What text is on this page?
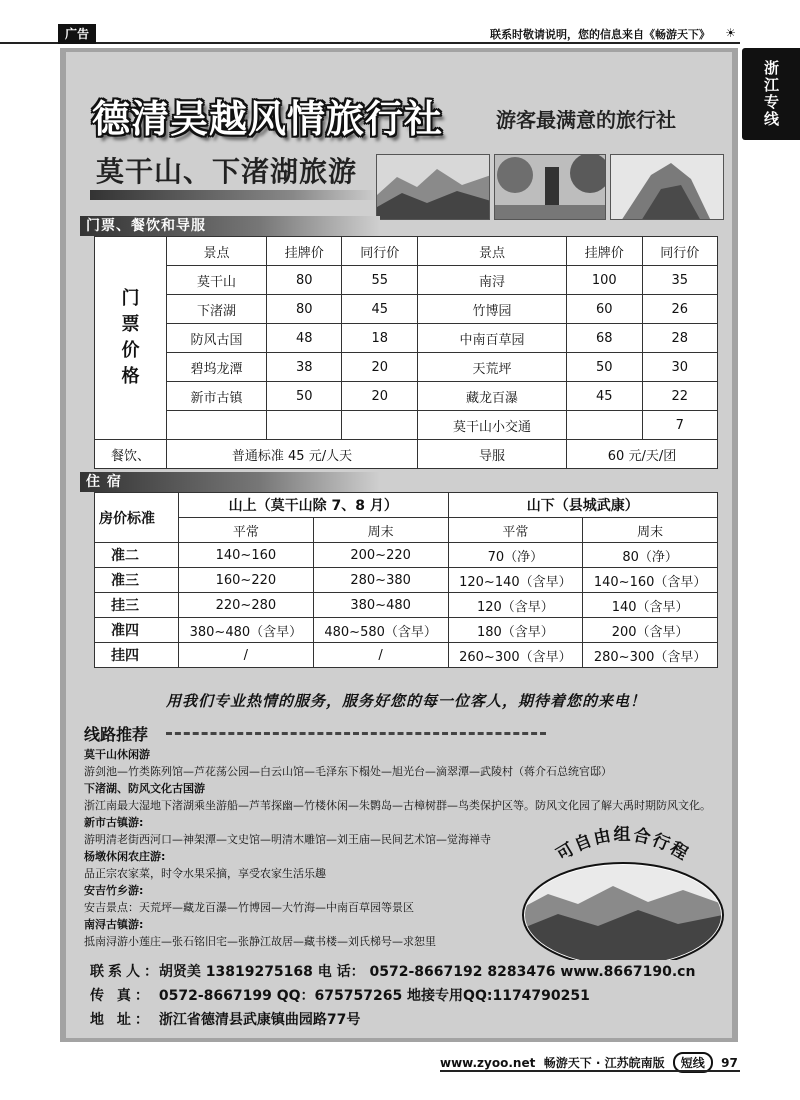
广告	联系时敬请说明，您的信息来自《畅游天下》 ☀
浙江专线
德清吴越风情旅行社	游客最满意的旅行社
莫干山、下渚湖旅游
门票、餐饮和导服
门
票
价
格	景点	挂牌价	同行价	景点	挂牌价	同行价
	莫干山	80	55	南浔	100	35
	下渚湖	80	45	竹博园	60	26
	防风古国	48	18	中南百草园	68	28
	碧坞龙潭	38	20	天荒坪	50	30
	新市古镇	50	20	藏龙百瀑	45	22
				莫干山小交通		7
餐饮、	普通标准 45 元/人天			导服	60 元/天/团	
住 宿
房价标准	山上（莫干山除 7、8 月）		山下（县城武康）	
	平常	周末	平常	周末
准二	140~160	200~220	70（净）	80（净）
准三	160~220	280~380	120~140（含早）	140~160（含早）
挂三	220~280	380~480	120（含早）	140（含早）
准四	380~480（含早）	480~580（含早）	180（含早）	200（含早）
挂四	/	/	260~300（含早）	280~300（含早）
用我们专业热情的服务，服务好您的每一位客人，期待着您的来电！
线路推荐
莫干山休闲游
游剑池—竹类陈列馆—芦花荡公园—白云山馆—毛泽东下榻处—旭光台—滴翠潭—武陵村（蒋介石总统官邸）
下渚湖、防风文化古国游
浙江南最大湿地下渚湖乘坐游船—芦苇探幽—竹楼休闲—朱鹮岛—古樟树群—鸟类保护区等。防风文化园了解大禹时期防风文化。
新市古镇游:
游明清老街西河口—神架潭—文史馆—明清木雕馆—刘王庙—民间艺术馆—觉海禅寺
杨墩休闲农庄游:
品正宗农家菜，时令水果采摘，享受农家生活乐趣
安吉竹乡游:
安吉景点：天荒坪—藏龙百瀑—竹博园—大竹海—中南百草园等景区
南浔古镇游:
抵南浔游小莲庄—张石铭旧宅—张静江故居—藏书楼—刘氏梯号—求恕里
可自由组合行程
联系人： 胡贤美 13819275168 电 话： 0572-8667192 8283476 www.8667190.cn
传 真： 0572-8667199 QQ：675757265 地接专用QQ:1174790251
地 址： 浙江省德清县武康镇曲园路77号
www.zyoo.net 畅游天下 · 江苏皖南版 短线 97
